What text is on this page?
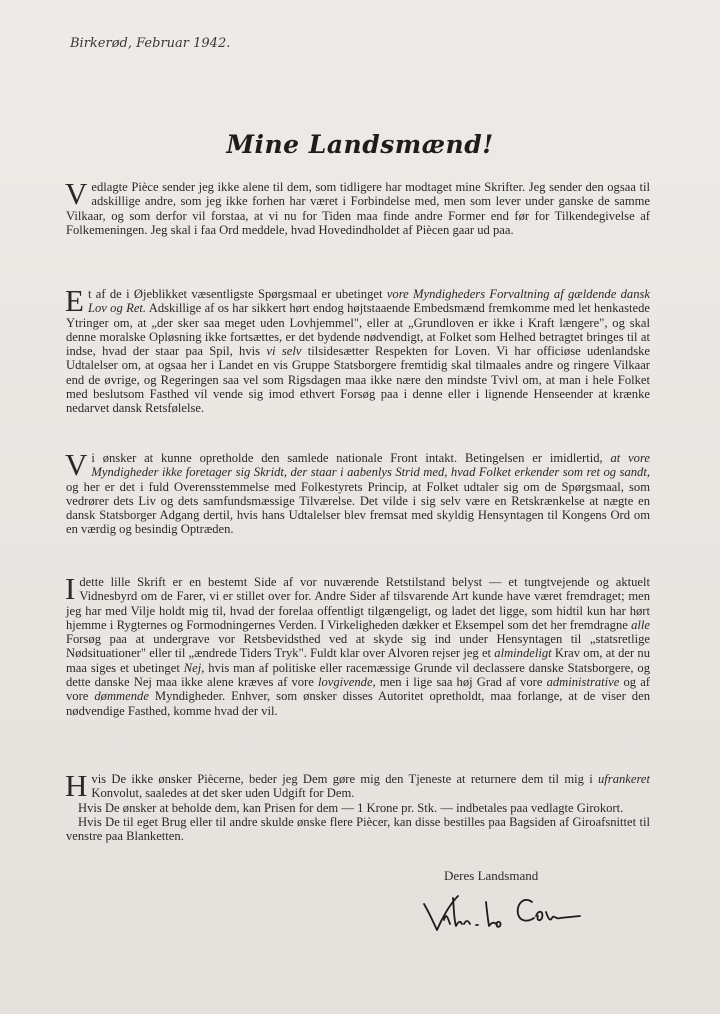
Birkerød, Februar 1942.
Mine Landsmænd!
Vedlagte Pièce sender jeg ikke alene til dem, som tidligere har modtaget mine Skrifter. Jeg sender den ogsaa til adskillige andre, som jeg ikke forhen har været i Forbindelse med, men som lever under ganske de samme Vilkaar, og som derfor vil forstaa, at vi nu for Tiden maa finde andre Former end før for Tilkendegivelse af Folkemeningen. Jeg skal i faa Ord meddele, hvad Hovedindholdet af Piècen gaar ud paa.
Et af de i Øjeblikket væsentligste Spørgsmaal er ubetinget vore Myndigheders Forvaltning af gældende dansk Lov og Ret. Adskillige af os har sikkert hørt endog højtstaaende Embedsmænd fremkomme med let henkastede Ytringer om, at „der sker saa meget uden Lovhjemmel", eller at „Grundloven er ikke i Kraft længere", og skal denne moralske Opløsning ikke fortsættes, er det bydende nødvendigt, at Folket som Helhed betragtet bringes til at indse, hvad der staar paa Spil, hvis vi selv tilsidesætter Respekten for Loven. Vi har officiøse udenlandske Udtalelser om, at ogsaa her i Landet en vis Gruppe Statsborgere fremtidig skal tilmaales andre og ringere Vilkaar end de øvrige, og Regeringen saa vel som Rigsdagen maa ikke nære den mindste Tvivl om, at man i hele Folket med beslutsom Fasthed vil vende sig imod ethvert Forsøg paa i denne eller i lignende Henseender at krænke nedarvet dansk Retsfølelse.
Vi ønsker at kunne opretholde den samlede nationale Front intakt. Betingelsen er imidlertid, at vore Myndigheder ikke foretager sig Skridt, der staar i aabenlys Strid med, hvad Folket erkender som ret og sandt, og her er det i fuld Overensstemmelse med Folkestyrets Princip, at Folket udtaler sig om de Spørgsmaal, som vedrører dets Liv og dets samfundsmæssige Tilværelse. Det vilde i sig selv være en Retskrænkelse at nægte en dansk Statsborger Adgang dertil, hvis hans Udtalelser blev fremsat med skyldig Hensyntagen til Kongens Ord om en værdig og besindig Optræden.
I dette lille Skrift er en bestemt Side af vor nuværende Retstilstand belyst — et tungtvejende og aktuelt Vidnesbyrd om de Farer, vi er stillet over for. Andre Sider af tilsvarende Art kunde have været fremdraget; men jeg har med Vilje holdt mig til, hvad der forelaa offentligt tilgængeligt, og ladet det ligge, som hidtil kun har hørt hjemme i Rygternes og Formodningernes Verden. I Virkeligheden dækker et Eksempel som det her fremdragne alle Forsøg paa at undergrave vor Retsbevidsthed ved at skyde sig ind under Hensyntagen til „statsretlige Nødsituationer" eller til „ændrede Tiders Tryk". Fuldt klar over Alvoren rejser jeg et almindeligt Krav om, at der nu maa siges et ubetinget Nej, hvis man af politiske eller racemæssige Grunde vil declassere danske Statsborgere, og dette danske Nej maa ikke alene kræves af vore lovgivende, men i lige saa høj Grad af vore administrative og af vore dømmende Myndigheder. Enhver, som ønsker disses Autoritet opretholdt, maa forlange, at de viser den nødvendige Fasthed, komme hvad der vil.

Hvis De ikke ønsker Piècerne, beder jeg Dem gøre mig den Tjeneste at returnere dem til mig i ufrankeret Konvolut, saaledes at det sker uden Udgift for Dem.

Hvis De ønsker at beholde dem, kan Prisen for dem — 1 Krone pr. Stk. — indbetales paa vedlagte Girokort.

Hvis De til eget Brug eller til andre skulde ønske flere Piècer, kan disse bestilles paa Bagsiden af Giroafsnittet til venstre paa Blanketten.

Deres Landsmand
